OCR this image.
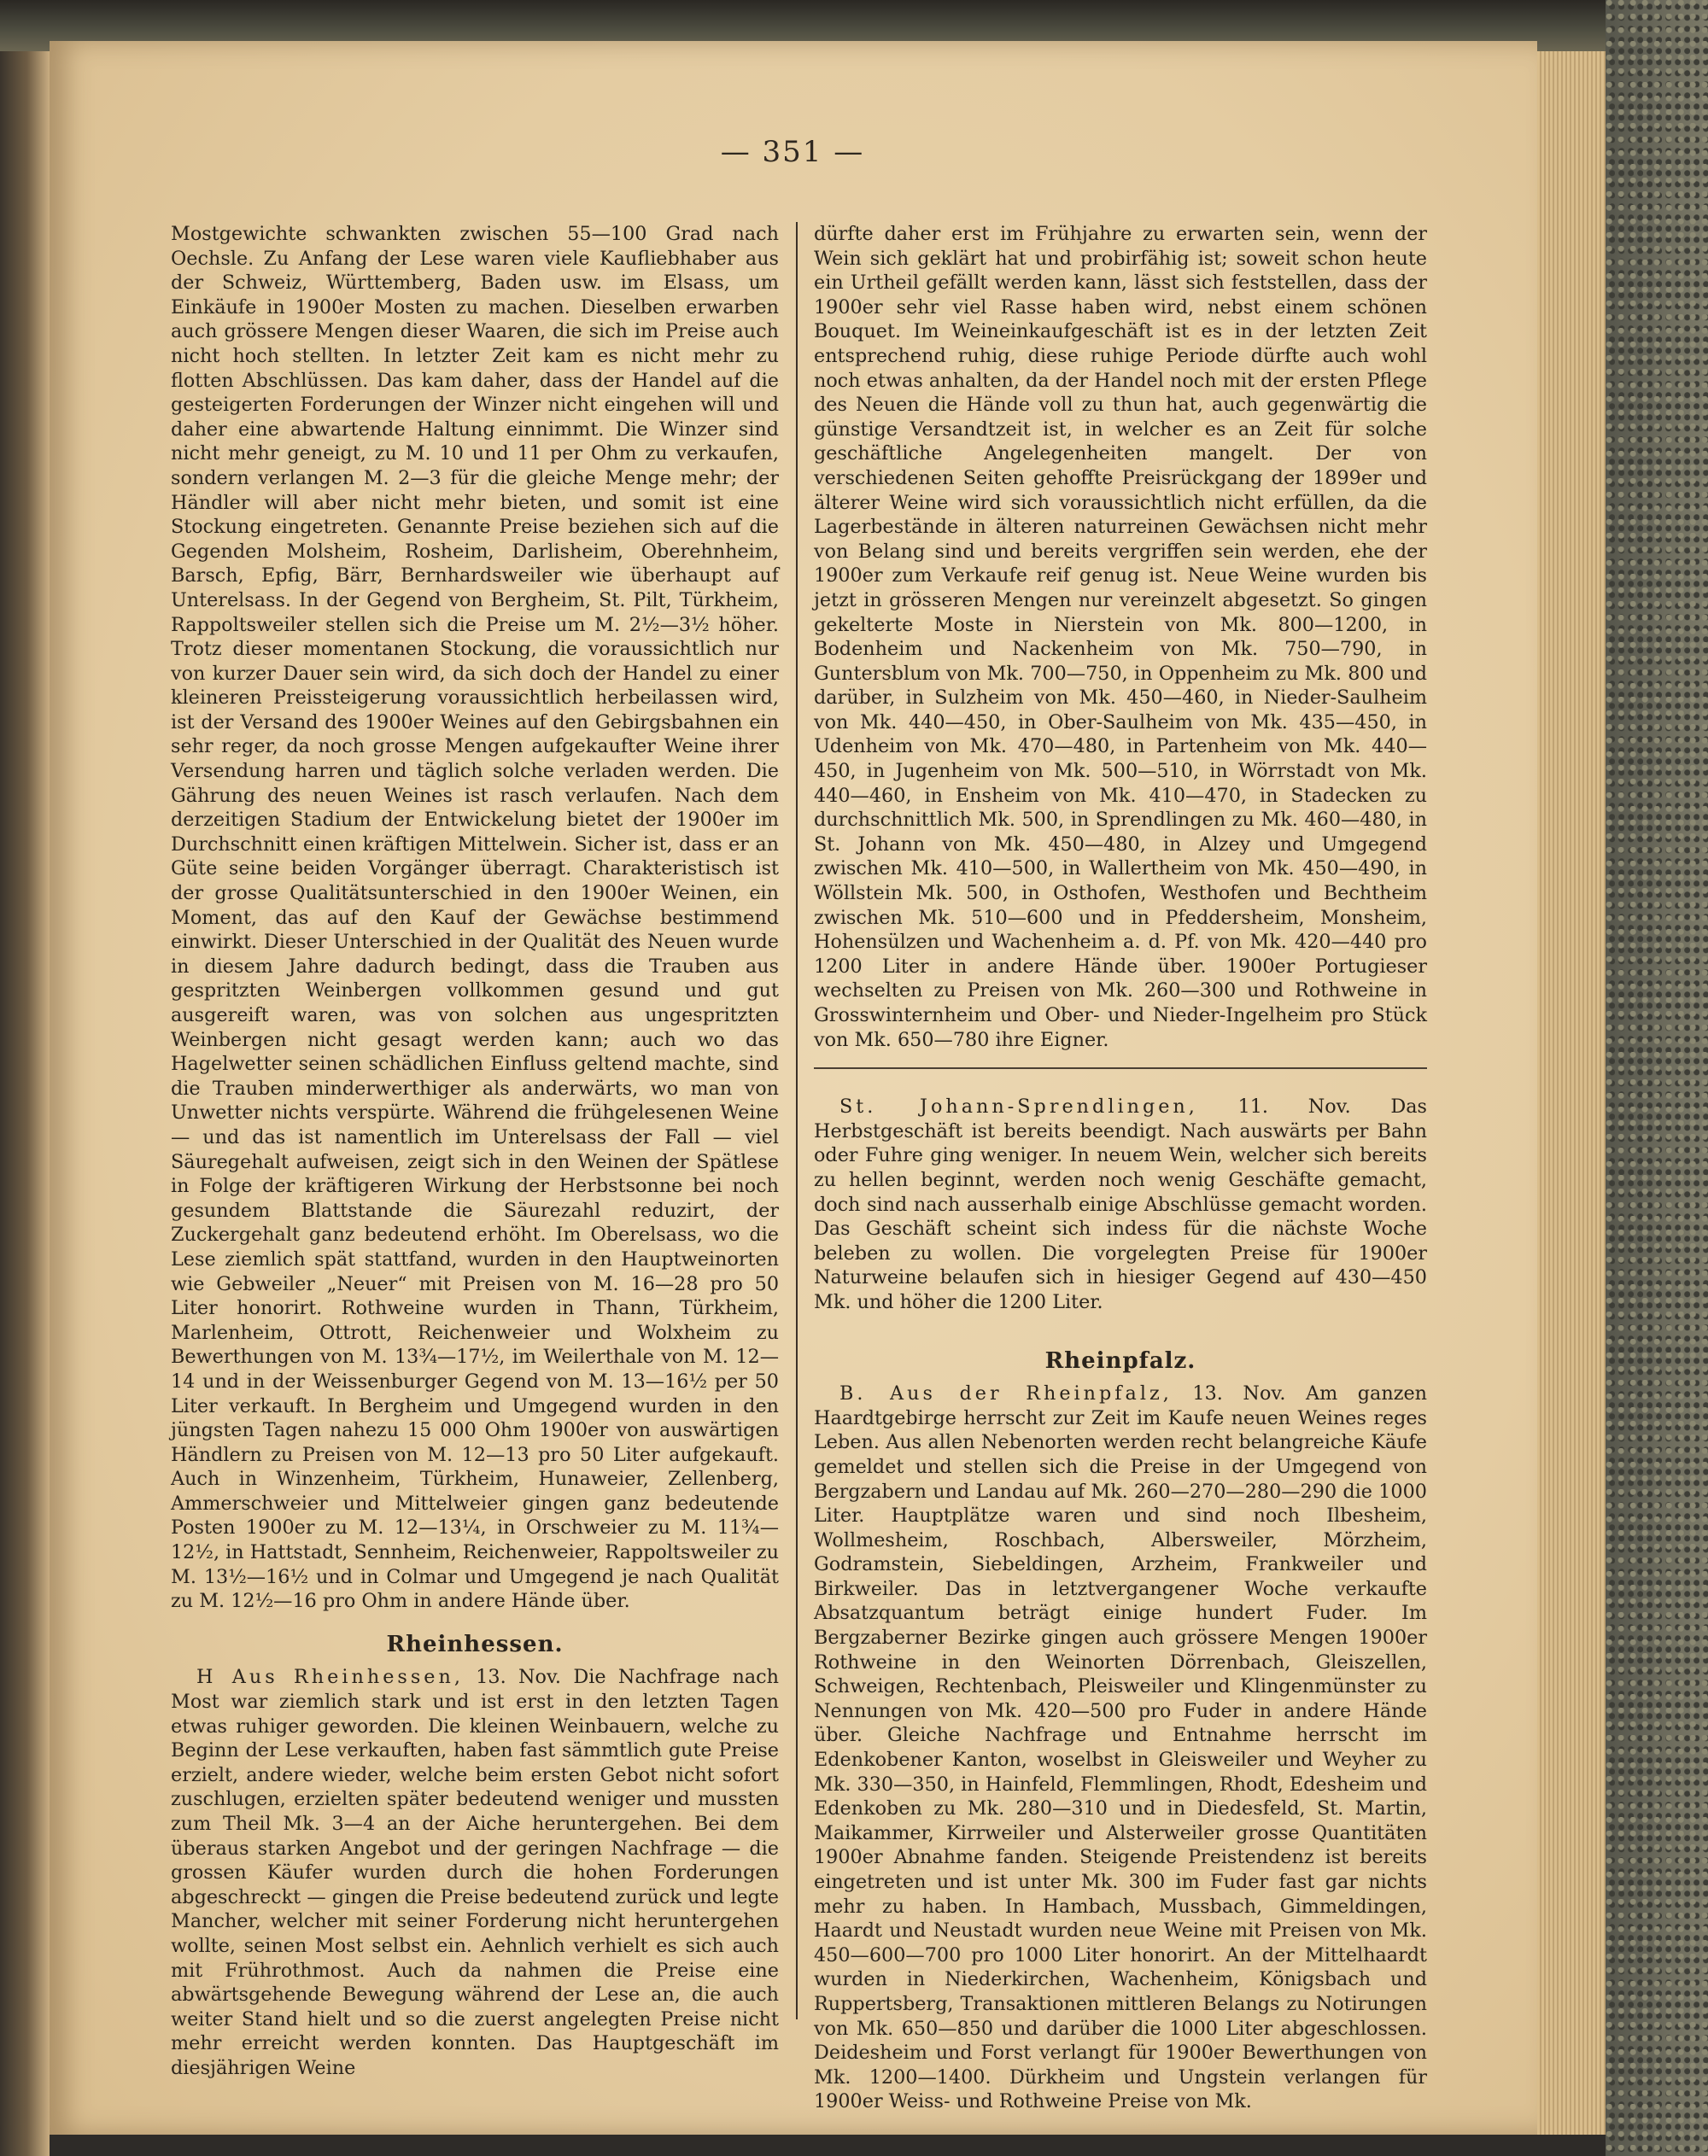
— 351 —

Mostgewichte schwankten zwischen 55—100 Grad nach Oechsle. Zu Anfang der Lese waren viele Kaufliebhaber aus der Schweiz, Württemberg, Baden usw. im Elsass, um Einkäufe in 1900er Mosten zu machen. Dieselben erwarben auch grössere Mengen dieser Waaren, die sich im Preise auch nicht hoch stellten. In letzter Zeit kam es nicht mehr zu flotten Abschlüssen. Das kam daher, dass der Handel auf die gesteigerten Forderungen der Winzer nicht eingehen will und daher eine abwartende Haltung einnimmt. Die Winzer sind nicht mehr geneigt, zu M. 10 und 11 per Ohm zu verkaufen, sondern verlangen M. 2—3 für die gleiche Menge mehr; der Händler will aber nicht mehr bieten, und somit ist eine Stockung eingetreten. Genannte Preise beziehen sich auf die Gegenden Molsheim, Rosheim, Darlisheim, Oberehnheim, Barsch, Epfig, Bärr, Bernhardsweiler wie überhaupt auf Unterelsass. In der Gegend von Bergheim, St. Pilt, Türkheim, Rappoltsweiler stellen sich die Preise um M. 2½—3½ höher. Trotz dieser momentanen Stockung, die voraussichtlich nur von kurzer Dauer sein wird, da sich doch der Handel zu einer kleineren Preissteigerung voraussichtlich herbeilassen wird, ist der Versand des 1900er Weines auf den Gebirgsbahnen ein sehr reger, da noch grosse Mengen aufgekaufter Weine ihrer Versendung harren und täglich solche verladen werden. Die Gährung des neuen Weines ist rasch verlaufen. Nach dem derzeitigen Stadium der Entwickelung bietet der 1900er im Durchschnitt einen kräftigen Mittelwein. Sicher ist, dass er an Güte seine beiden Vorgänger überragt. Charakteristisch ist der grosse Qualitätsunterschied in den 1900er Weinen, ein Moment, das auf den Kauf der Gewächse bestimmend einwirkt. Dieser Unterschied in der Qualität des Neuen wurde in diesem Jahre dadurch bedingt, dass die Trauben aus gespritzten Weinbergen vollkommen gesund und gut ausgereift waren, was von solchen aus ungespritzten Weinbergen nicht gesagt werden kann; auch wo das Hagelwetter seinen schädlichen Einfluss geltend machte, sind die Trauben minderwerthiger als anderwärts, wo man von Unwetter nichts verspürte. Während die frühgelesenen Weine — und das ist namentlich im Unterelsass der Fall — viel Säuregehalt aufweisen, zeigt sich in den Weinen der Spätlese in Folge der kräftigeren Wirkung der Herbstsonne bei noch gesundem Blattstande die Säurezahl reduzirt, der Zuckergehalt ganz bedeutend erhöht. Im Oberelsass, wo die Lese ziemlich spät stattfand, wurden in den Hauptweinorten wie Gebweiler „Neuer“ mit Preisen von M. 16—28 pro 50 Liter honorirt. Rothweine wurden in Thann, Türkheim, Marlenheim, Ottrott, Reichenweier und Wolxheim zu Bewerthungen von M. 13¾—17½, im Weilerthale von M. 12—14 und in der Weissenburger Gegend von M. 13—16½ per 50 Liter verkauft. In Bergheim und Umgegend wurden in den jüngsten Tagen nahezu 15 000 Ohm 1900er von auswärtigen Händlern zu Preisen von M. 12—13 pro 50 Liter aufgekauft. Auch in Winzenheim, Türkheim, Hunaweier, Zellenberg, Ammerschweier und Mittelweier gingen ganz bedeutende Posten 1900er zu M. 12—13¼, in Orschweier zu M. 11¾—12½, in Hattstadt, Sennheim, Reichenweier, Rappoltsweiler zu M. 13½—16½ und in Colmar und Umgegend je nach Qualität zu M. 12½—16 pro Ohm in andere Hände über.

Rheinhessen.

H Aus Rheinhessen, 13. Nov. Die Nachfrage nach Most war ziemlich stark und ist erst in den letzten Tagen etwas ruhiger geworden. Die kleinen Weinbauern, welche zu Beginn der Lese verkauften, haben fast sämmtlich gute Preise erzielt, andere wieder, welche beim ersten Gebot nicht sofort zuschlugen, erzielten später bedeutend weniger und mussten zum Theil Mk. 3—4 an der Aiche heruntergehen. Bei dem überaus starken Angebot und der geringen Nachfrage — die grossen Käufer wurden durch die hohen Forderungen abgeschreckt — gingen die Preise bedeutend zurück und legte Mancher, welcher mit seiner Forderung nicht heruntergehen wollte, seinen Most selbst ein. Aehnlich verhielt es sich auch mit Frührothmost. Auch da nahmen die Preise eine abwärtsgehende Bewegung während der Lese an, die auch weiter Stand hielt und so die zuerst angelegten Preise nicht mehr erreicht werden konnten. Das Hauptgeschäft im diesjährigen Weine

dürfte daher erst im Frühjahre zu erwarten sein, wenn der Wein sich geklärt hat und probirfähig ist; soweit schon heute ein Urtheil gefällt werden kann, lässt sich feststellen, dass der 1900er sehr viel Rasse haben wird, nebst einem schönen Bouquet. Im Weineinkaufgeschäft ist es in der letzten Zeit entsprechend ruhig, diese ruhige Periode dürfte auch wohl noch etwas anhalten, da der Handel noch mit der ersten Pflege des Neuen die Hände voll zu thun hat, auch gegenwärtig die günstige Versandtzeit ist, in welcher es an Zeit für solche geschäftliche Angelegenheiten mangelt. Der von verschiedenen Seiten gehoffte Preisrückgang der 1899er und älterer Weine wird sich voraussichtlich nicht erfüllen, da die Lagerbestände in älteren naturreinen Gewächsen nicht mehr von Belang sind und bereits vergriffen sein werden, ehe der 1900er zum Verkaufe reif genug ist. Neue Weine wurden bis jetzt in grösseren Mengen nur vereinzelt abgesetzt. So gingen gekelterte Moste in Nierstein von Mk. 800—1200, in Bodenheim und Nackenheim von Mk. 750—790, in Guntersblum von Mk. 700—750, in Oppenheim zu Mk. 800 und darüber, in Sulzheim von Mk. 450—460, in Nieder-Saulheim von Mk. 440—450, in Ober-Saulheim von Mk. 435—450, in Udenheim von Mk. 470—480, in Partenheim von Mk. 440—450, in Jugenheim von Mk. 500—510, in Wörrstadt von Mk. 440—460, in Ensheim von Mk. 410—470, in Stadecken zu durchschnittlich Mk. 500, in Sprendlingen zu Mk. 460—480, in St. Johann von Mk. 450—480, in Alzey und Umgegend zwischen Mk. 410—500, in Wallertheim von Mk. 450—490, in Wöllstein Mk. 500, in Osthofen, Westhofen und Bechtheim zwischen Mk. 510—600 und in Pfeddersheim, Monsheim, Hohensülzen und Wachenheim a. d. Pf. von Mk. 420—440 pro 1200 Liter in andere Hände über. 1900er Portugieser wechselten zu Preisen von Mk. 260—300 und Rothweine in Grosswinternheim und Ober- und Nieder-Ingelheim pro Stück von Mk. 650—780 ihre Eigner.

St. Johann-Sprendlingen, 11. Nov. Das Herbstgeschäft ist bereits beendigt. Nach auswärts per Bahn oder Fuhre ging weniger. In neuem Wein, welcher sich bereits zu hellen beginnt, werden noch wenig Geschäfte gemacht, doch sind nach ausserhalb einige Abschlüsse gemacht worden. Das Geschäft scheint sich indess für die nächste Woche beleben zu wollen. Die vorgelegten Preise für 1900er Naturweine belaufen sich in hiesiger Gegend auf 430—450 Mk. und höher die 1200 Liter.

Rheinpfalz.

B. Aus der Rheinpfalz, 13. Nov. Am ganzen Haardtgebirge herrscht zur Zeit im Kaufe neuen Weines reges Leben. Aus allen Nebenorten werden recht belangreiche Käufe gemeldet und stellen sich die Preise in der Umgegend von Bergzabern und Landau auf Mk. 260—270—280—290 die 1000 Liter. Hauptplätze waren und sind noch Ilbesheim, Wollmesheim, Roschbach, Albersweiler, Mörzheim, Godramstein, Siebeldingen, Arzheim, Frankweiler und Birkweiler. Das in letztvergangener Woche verkaufte Absatzquantum beträgt einige hundert Fuder. Im Bergzaberner Bezirke gingen auch grössere Mengen 1900er Rothweine in den Weinorten Dörrenbach, Gleiszellen, Schweigen, Rechtenbach, Pleisweiler und Klingenmünster zu Nennungen von Mk. 420—500 pro Fuder in andere Hände über. Gleiche Nachfrage und Entnahme herrscht im Edenkobener Kanton, woselbst in Gleisweiler und Weyher zu Mk. 330—350, in Hainfeld, Flemmlingen, Rhodt, Edesheim und Edenkoben zu Mk. 280—310 und in Diedesfeld, St. Martin, Maikammer, Kirrweiler und Alsterweiler grosse Quantitäten 1900er Abnahme fanden. Steigende Preistendenz ist bereits eingetreten und ist unter Mk. 300 im Fuder fast gar nichts mehr zu haben. In Hambach, Mussbach, Gimmeldingen, Haardt und Neustadt wurden neue Weine mit Preisen von Mk. 450—600—700 pro 1000 Liter honorirt. An der Mittelhaardt wurden in Niederkirchen, Wachenheim, Königsbach und Ruppertsberg, Transaktionen mittleren Belangs zu Notirungen von Mk. 650—850 und darüber die 1000 Liter abgeschlossen. Deidesheim und Forst verlangt für 1900er Bewerthungen von Mk. 1200—1400. Dürkheim und Ungstein verlangen für 1900er Weiss- und Rothweine Preise von Mk.
